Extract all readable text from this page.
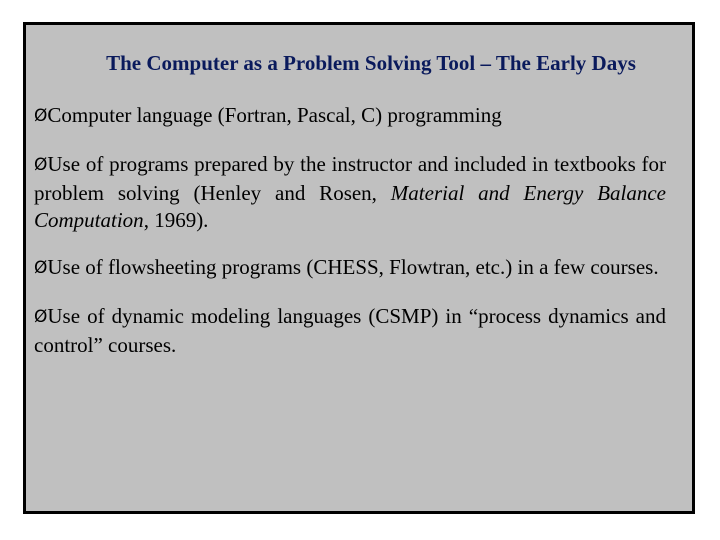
The Computer as a Problem Solving Tool – The Early Days

ØComputer language (Fortran, Pascal, C) programming

ØUse of programs prepared by the instructor and included in textbooks for problem solving (Henley and Rosen, Material and Energy Balance Computation, 1969).

ØUse of flowsheeting programs (CHESS, Flowtran, etc.) in a few courses.

ØUse of dynamic modeling languages (CSMP) in “process dynamics and control” courses.
